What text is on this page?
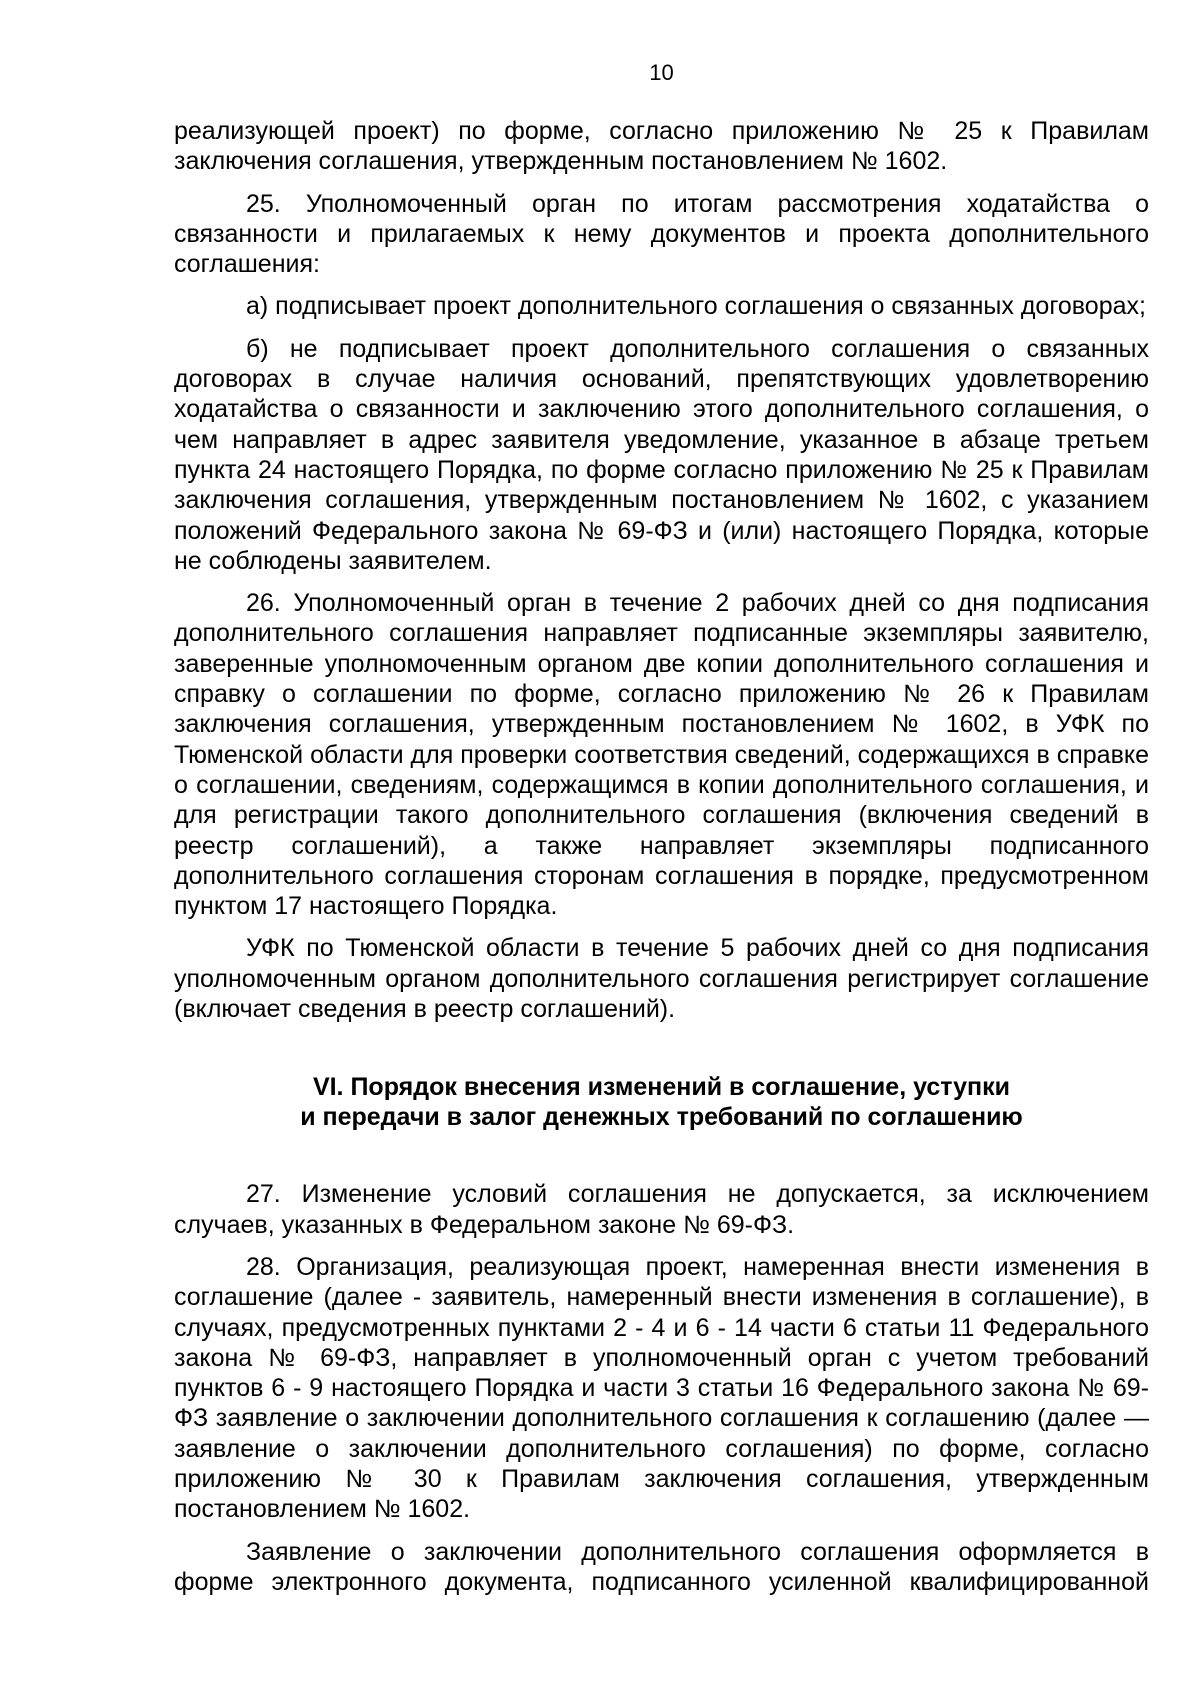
10

реализующей проект) по форме, согласно приложению № 25 к Правилам заключения соглашения, утвержденным постановлением № 1602.

25. Уполномоченный орган по итогам рассмотрения ходатайства о связанности и прилагаемых к нему документов и проекта дополнительного соглашения:

а) подписывает проект дополнительного соглашения о связанных договорах;

б) не подписывает проект дополнительного соглашения о связанных договорах в случае наличия оснований, препятствующих удовлетворению ходатайства о связанности и заключению этого дополнительного соглашения, о чем направляет в адрес заявителя уведомление, указанное в абзаце третьем пункта 24 настоящего Порядка, по форме согласно приложению № 25 к Правилам заключения соглашения, утвержденным постановлением № 1602, с указанием положений Федерального закона № 69-ФЗ и (или) настоящего Порядка, которые не соблюдены заявителем.

26. Уполномоченный орган в течение 2 рабочих дней со дня подписания дополнительного соглашения направляет подписанные экземпляры заявителю, заверенные уполномоченным органом две копии дополнительного соглашения и справку о соглашении по форме, согласно приложению № 26 к Правилам заключения соглашения, утвержденным постановлением № 1602, в УФК по Тюменской области для проверки соответствия сведений, содержащихся в справке о соглашении, сведениям, содержащимся в копии дополнительного соглашения, и для регистрации такого дополнительного соглашения (включения сведений в реестр соглашений), а также направляет экземпляры подписанного дополнительного соглашения сторонам соглашения в порядке, предусмотренном пунктом 17 настоящего Порядка.

УФК по Тюменской области в течение 5 рабочих дней со дня подписания уполномоченным органом дополнительного соглашения регистрирует соглашение (включает сведения в реестр соглашений).

VI. Порядок внесения изменений в соглашение, уступки
и передачи в залог денежных требований по соглашению

27. Изменение условий соглашения не допускается, за исключением случаев, указанных в Федеральном законе № 69-ФЗ.

28. Организация, реализующая проект, намеренная внести изменения в соглашение (далее - заявитель, намеренный внести изменения в соглашение), в случаях, предусмотренных пунктами 2 - 4 и 6 - 14 части 6 статьи 11 Федерального закона № 69-ФЗ, направляет в уполномоченный орган с учетом требований пунктов 6 - 9 настоящего Порядка и части 3 статьи 16 Федерального закона № 69-ФЗ заявление о заключении дополнительного соглашения к соглашению (далее — заявление о заключении дополнительного соглашения) по форме, согласно приложению № 30 к Правилам заключения соглашения, утвержденным постановлением № 1602.

Заявление о заключении дополнительного соглашения оформляется в форме электронного документа, подписанного усиленной квалифицированной
